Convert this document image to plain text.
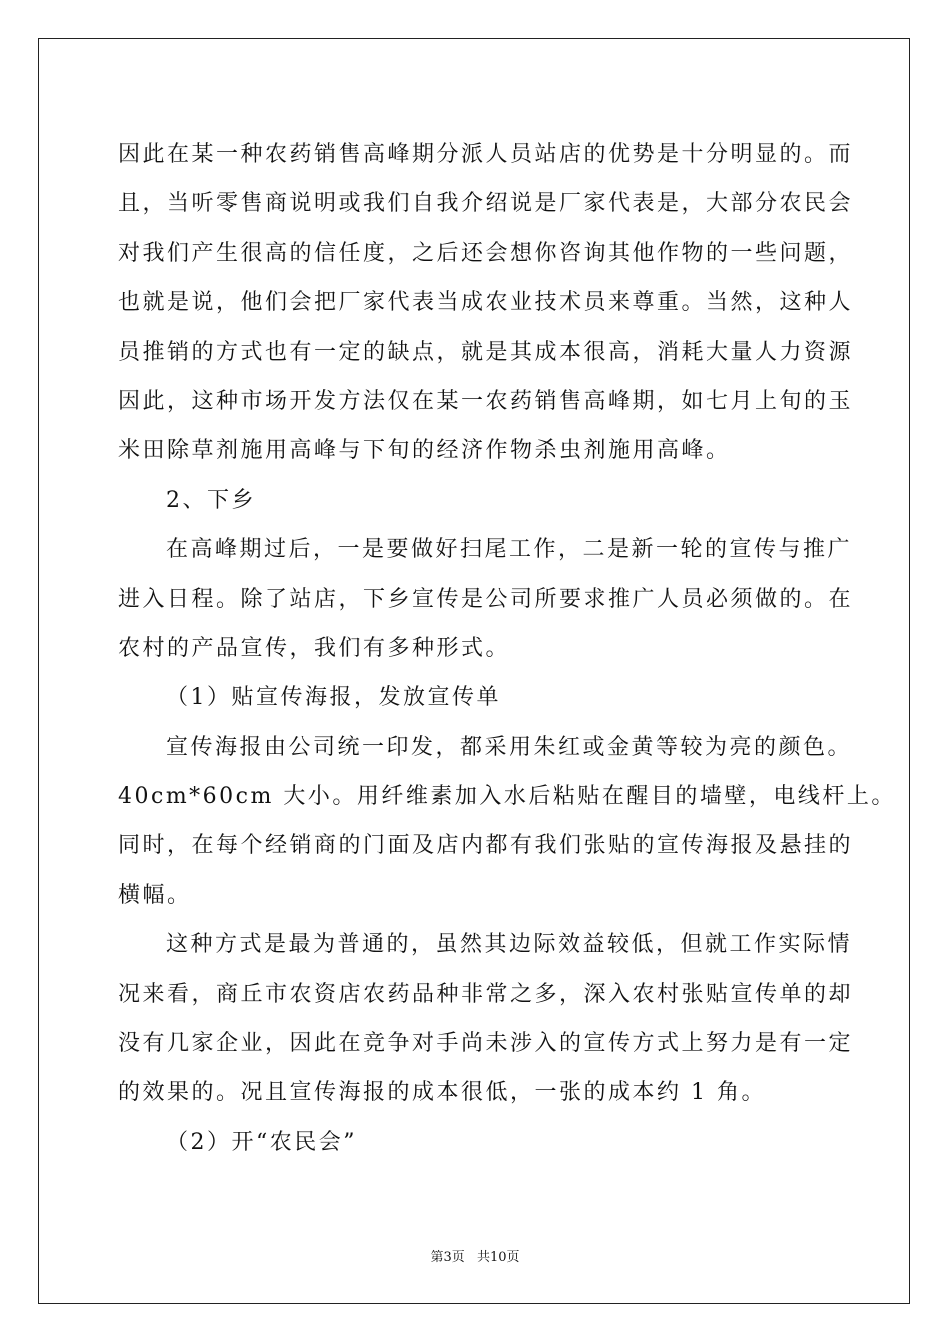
因此在某一种农药销售高峰期分派人员站店的优势是十分明显的。而
且，当听零售商说明或我们自我介绍说是厂家代表是，大部分农民会
对我们产生很高的信任度，之后还会想你咨询其他作物的一些问题，
也就是说，他们会把厂家代表当成农业技术员来尊重。当然，这种人
员推销的方式也有一定的缺点，就是其成本很高，消耗大量人力资源
因此，这种市场开发方法仅在某一农药销售高峰期，如七月上旬的玉
米田除草剂施用高峰与下旬的经济作物杀虫剂施用高峰。
2、下乡
在高峰期过后，一是要做好扫尾工作，二是新一轮的宣传与推广
进入日程。除了站店，下乡宣传是公司所要求推广人员必须做的。在
农村的产品宣传，我们有多种形式。
（1）贴宣传海报，发放宣传单
宣传海报由公司统一印发，都采用朱红或金黄等较为亮的颜色。
40cm*60cm 大小。用纤维素加入水后粘贴在醒目的墙壁，电线杆上。
同时，在每个经销商的门面及店内都有我们张贴的宣传海报及悬挂的
横幅。
这种方式是最为普通的，虽然其边际效益较低，但就工作实际情
况来看，商丘市农资店农药品种非常之多，深入农村张贴宣传单的却
没有几家企业，因此在竞争对手尚未涉入的宣传方式上努力是有一定
的效果的。况且宣传海报的成本很低，一张的成本约 1 角。
（2）开“农民会”
第3页 共10页
